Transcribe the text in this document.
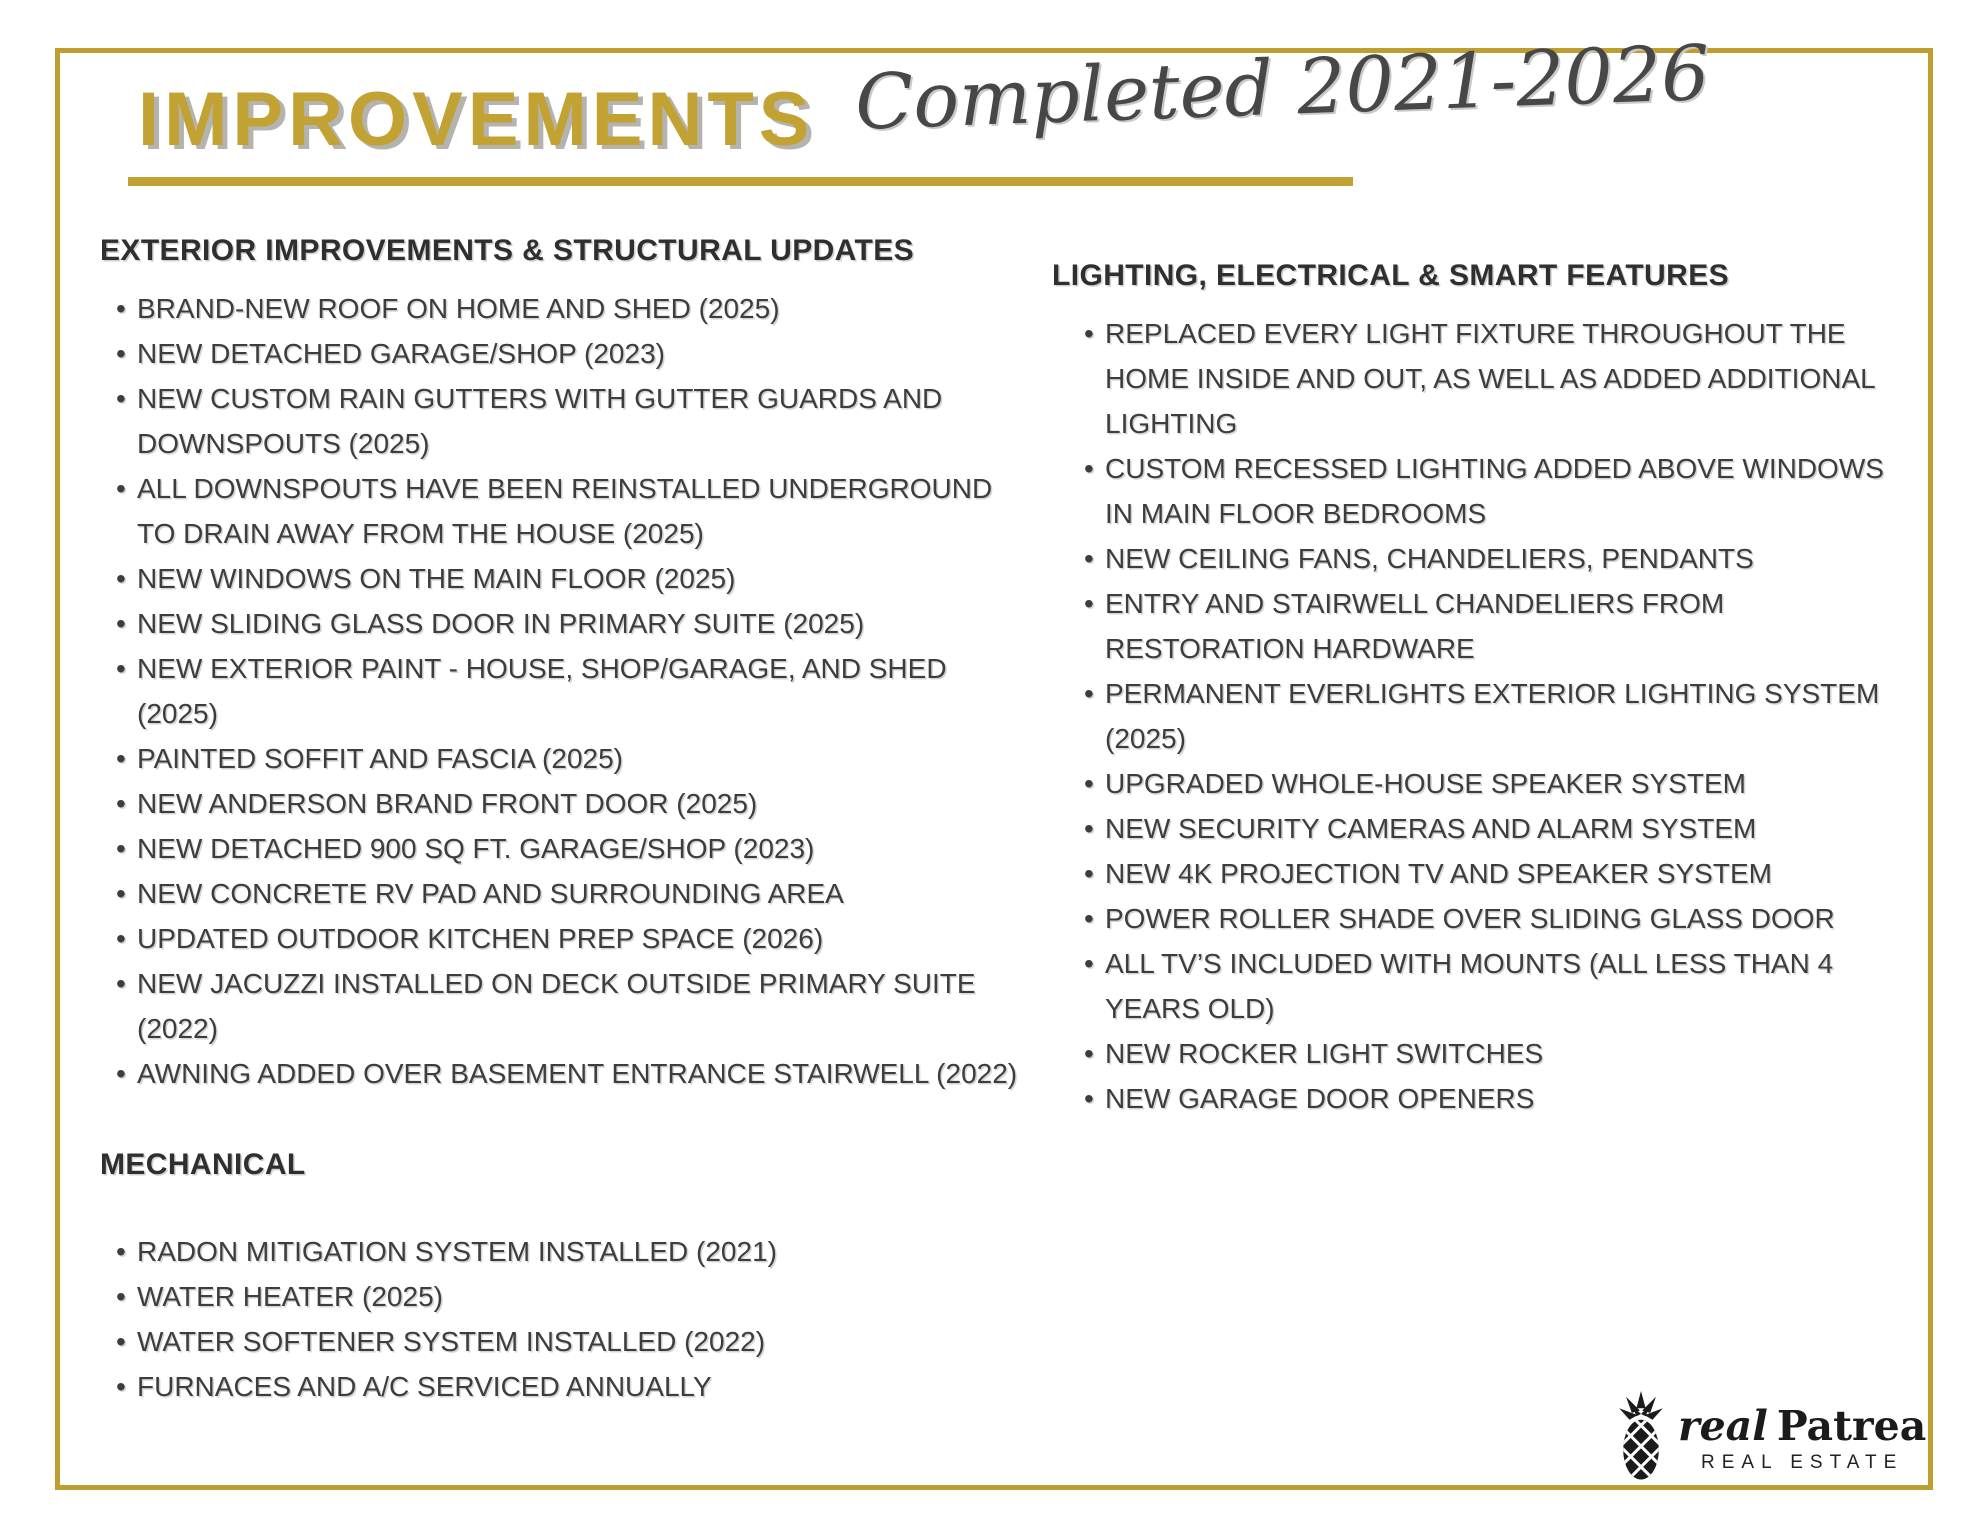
IMPROVEMENTS Completed 2021-2026
EXTERIOR IMPROVEMENTS & STRUCTURAL UPDATES
• BRAND-NEW ROOF ON HOME AND SHED (2025)
• NEW DETACHED GARAGE/SHOP (2023)
• NEW CUSTOM RAIN GUTTERS WITH GUTTER GUARDS AND DOWNSPOUTS (2025)
• ALL DOWNSPOUTS HAVE BEEN REINSTALLED UNDERGROUND TO DRAIN AWAY FROM THE HOUSE (2025)
• NEW WINDOWS ON THE MAIN FLOOR (2025)
• NEW SLIDING GLASS DOOR IN PRIMARY SUITE (2025)
• NEW EXTERIOR PAINT - HOUSE, SHOP/GARAGE, AND SHED (2025)
• PAINTED SOFFIT AND FASCIA (2025)
• NEW ANDERSON BRAND FRONT DOOR (2025)
• NEW DETACHED 900 SQ FT. GARAGE/SHOP (2023)
• NEW CONCRETE RV PAD AND SURROUNDING AREA
• UPDATED OUTDOOR KITCHEN PREP SPACE (2026)
• NEW JACUZZI INSTALLED ON DECK OUTSIDE PRIMARY SUITE (2022)
• AWNING ADDED OVER BASEMENT ENTRANCE STAIRWELL (2022)
MECHANICAL
• RADON MITIGATION SYSTEM INSTALLED (2021)
• WATER HEATER (2025)
• WATER SOFTENER SYSTEM INSTALLED (2022)
• FURNACES AND A/C SERVICED ANNUALLY
LIGHTING, ELECTRICAL & SMART FEATURES
• REPLACED EVERY LIGHT FIXTURE THROUGHOUT THE HOME INSIDE AND OUT, AS WELL AS ADDED ADDITIONAL LIGHTING
• CUSTOM RECESSED LIGHTING ADDED ABOVE WINDOWS IN MAIN FLOOR BEDROOMS
• NEW CEILING FANS, CHANDELIERS, PENDANTS
• ENTRY AND STAIRWELL CHANDELIERS FROM RESTORATION HARDWARE
• PERMANENT EVERLIGHTS EXTERIOR LIGHTING SYSTEM (2025)
• UPGRADED WHOLE-HOUSE SPEAKER SYSTEM
• NEW SECURITY CAMERAS AND ALARM SYSTEM
• NEW 4K PROJECTION TV AND SPEAKER SYSTEM
• POWER ROLLER SHADE OVER SLIDING GLASS DOOR
• ALL TV’S INCLUDED WITH MOUNTS (ALL LESS THAN 4 YEARS OLD)
• NEW ROCKER LIGHT SWITCHES
• NEW GARAGE DOOR OPENERS
real Patrea
REAL ESTATE
